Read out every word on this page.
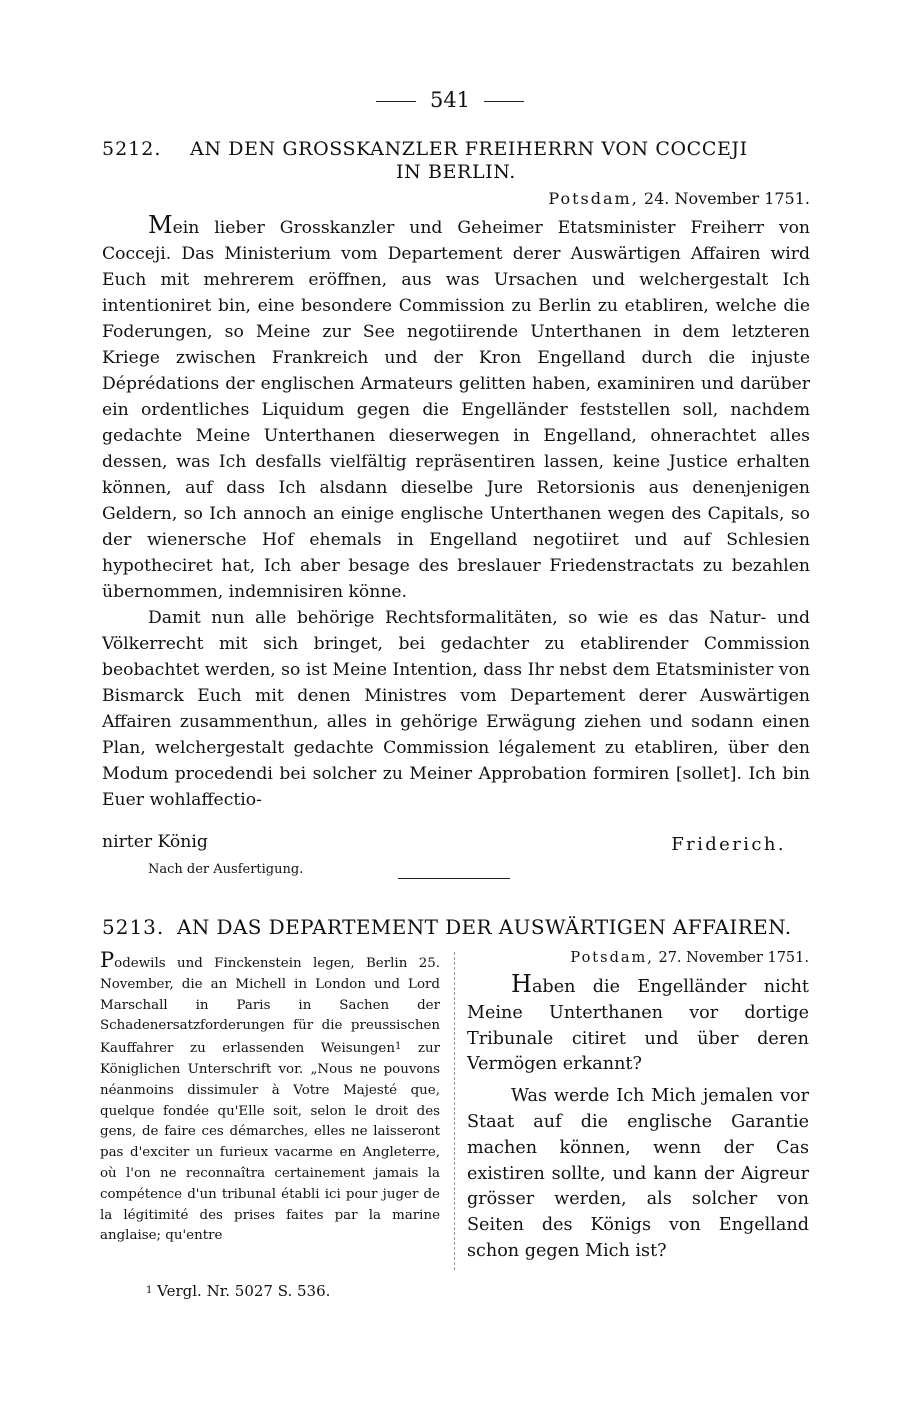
541
5212. AN DEN GROSSKANZLER FREIHERRN VON COCCEJI
IN BERLIN.
Potsdam, 24. November 1751.

Mein lieber Grosskanzler und Geheimer Etatsminister Freiherr von Cocceji. Das Ministerium vom Departement derer Auswärtigen Affairen wird Euch mit mehrerem eröffnen, aus was Ursachen und welchergestalt Ich intentioniret bin, eine besondere Commission zu Berlin zu etabliren, welche die Foderungen, so Meine zur See negotiirende Unterthanen in dem letzteren Kriege zwischen Frankreich und der Kron Engelland durch die injuste Déprédations der englischen Armateurs gelitten haben, examiniren und darüber ein ordentliches Liquidum gegen die Engelländer feststellen soll, nachdem gedachte Meine Unterthanen dieserwegen in Engelland, ohnerachtet alles dessen, was Ich desfalls vielfältig repräsentiren lassen, keine Justice erhalten können, auf dass Ich alsdann dieselbe Jure Retorsionis aus denenjenigen Geldern, so Ich annoch an einige englische Unterthanen wegen des Capitals, so der wienersche Hof ehemals in Engelland negotiiret und auf Schlesien hypotheciret hat, Ich aber besage des breslauer Friedenstractats zu bezahlen übernommen, indemnisiren könne.

Damit nun alle behörige Rechtsformalitäten, so wie es das Natur- und Völkerrecht mit sich bringet, bei gedachter zu etablirender Commission beobachtet werden, so ist Meine Intention, dass Ihr nebst dem Etatsminister von Bismarck Euch mit denen Ministres vom Departement derer Auswärtigen Affairen zusammenthun, alles in gehörige Erwägung ziehen und sodann einen Plan, welchergestalt gedachte Commission légalement zu etabliren, über den Modum procedendi bei solcher zu Meiner Approbation formiren [sollet]. Ich bin Euer wohlaffectio-

nirter König	Friderich.
Nach der Ausfertigung.
5213. AN DAS DEPARTEMENT DER AUSWÄRTIGEN AFFAIREN.

Podewils und Finckenstein legen, Berlin 25. November, die an Michell in London und Lord Marschall in Paris in Sachen der Schadenersatzforderungen für die preussischen Kauffahrer zu erlassenden Weisungen$^1$ zur Königlichen Unterschrift vor. „Nous ne pouvons néanmoins dissimuler à Votre Majesté que, quelque fondée qu'Elle soit, selon le droit des gens, de faire ces démarches, elles ne laisseront pas d'exciter un furieux vacarme en Angleterre, où l'on ne reconnaîtra certainement jamais la compétence d'un tribunal établi ici pour juger de la légitimité des prises faites par la marine anglaise; qu'entre

Potsdam, 27. November 1751.

Haben die Engelländer nicht Meine Unterthanen vor dortige Tribunale citiret und über deren Vermögen erkannt?

Was werde Ich Mich jemalen vor Staat auf die englische Garantie machen können, wenn der Cas existiren sollte, und kann der Aigreur grösser werden, als solcher von Seiten des Königs von Engelland schon gegen Mich ist?

$^1$ Vergl. Nr. 5027 S. 536.
